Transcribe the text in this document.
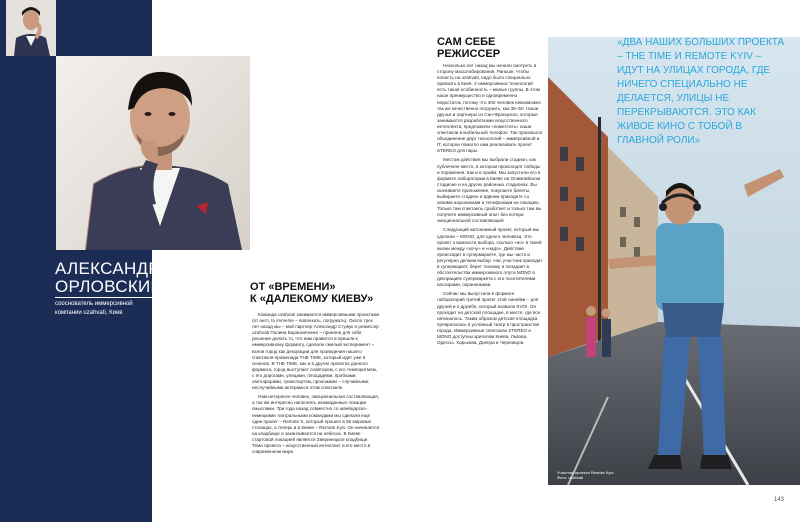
АЛЕКСАНДР
ОРЛОВСКИЙ

сооснователь иммерсивной компании uzahvati, Киев

ОТ «ВРЕМЕНИ»
К «ДАЛЕКОМУ КИЕВУ»

Команда uzahvati занимается иммерсивными проектами (от англ. to immerse – вовлекать, погружать). Около трех лет назад мы – мой партнер Александр Стужук и режиссер uzahvati Полина Баранниченко – приняли для себя решение делать то, что нам нравится и пришли к иммерсивному формату, сделали смелый эксперимент – взяли город как декорации для проведения нашего спектакля-променада THE TIME, который идет уже 6 сезонов. В THE TIME, как и в других проектах данного формата, город выступает соавтором, с его темпоритмом, с его дорогами, улицами, площадями, пробками, светофорами, транспортом, прохожими – случайными неслучайными актерами в этом спектакле.

Нам интересен человек, эмоциональная составляющая, а так же интересно наполнять неожиданные локации смыслами. Три года назад совместно со швейцарско-немецкими театральными командами мы сделали еще один проект – Remote X, который прошел в 55 мировых столицах, а теперь и в Киеве – Remote Kyiv. Он начинается на кладбище и заканчивается на небесах. В Киеве стартовой локацией является Зверинецкое кладбище. Тема проекта – искусственный интеллект и его место в современном мире.

САМ СЕБЕ
РЕЖИССЕР

Несколько лет назад мы начали смотреть в сторону масштабирования. Раньше, чтобы попасть на uzahvati, надо было специально приехать в Киев. У иммерсивных технологий есть такая особенность – малые группы. В этом наше преимущество и одновременно недостаток, потому что 400 человек невозможно так же качественно погрузить, как 35–50. Наши друзья и партнеры из Сан-Франциско, которые занимаются разработками искусственного интеллекта, предложили «поместить» наши спектакли в мобильный телефон. Так произошло объединение двух технологий – иммерсивной и IT, которое помогло нам реализовать проект STEREO для пары.

Местом действия мы выбрали стадион, как публичное место, в котором происходят победы и поражения. Как и в прайм. Мы запустили его в формате лаборатории в Киеве на Олимпийском стадионе и на других районных стадионах. Вы скачиваете приложение, покупаете билеты, выбираете стадион и вдвоем приходите со своими наушниками и телефонами на локацию. Только там спектакль сработает и только там вы получите иммерсивный опыт без потери эмоциональной составляющей.

Следующий автономный проект, который мы сделали – MONO, для одного человека. Это проект о важности выбора, сколько «но» в твоей жизни между «хочу» и «надо». Действие происходит в супермаркете, где мы часто и регулярно делаем выбор. Нас участник приходит в супермаркет, берет тележку и попадает в обстоятельства иммерсивного плута MONO в декорациях супермаркета с его посетителями, кассирами, охранниками.

Сейчас мы выпустили в формате лабораторий третий проект этой линейки – для друзей и о дружбе, который назвали SVOI. Он проходит на детской площадке, в месте, где все начиналось. Таким образом детская площадка превратилась в условный театр в пространстве города. Иммерсивные спектакли STEREO и MONO доступны зрителям Киева, Львова, Одессы, Харькова, Днепра и Черновцов.

«ДВА НАШИХ БОЛЬШИХ ПРОЕКТА – THE TIME И REMOTE KYIV – ИДУТ НА УЛИЦАХ ГОРОДА, ГДЕ НИЧЕГО СПЕЦИАЛЬНО НЕ ДЕЛАЕТСЯ, УЛИЦЫ НЕ ПЕРЕКРЫВАЮТСЯ. ЭТО КАК ЖИВОЕ КИНО С ТОБОЙ В ГЛАВНОЙ РОЛИ»

Участник проекта Remote Kyiv. Фото: uzahvati

143
